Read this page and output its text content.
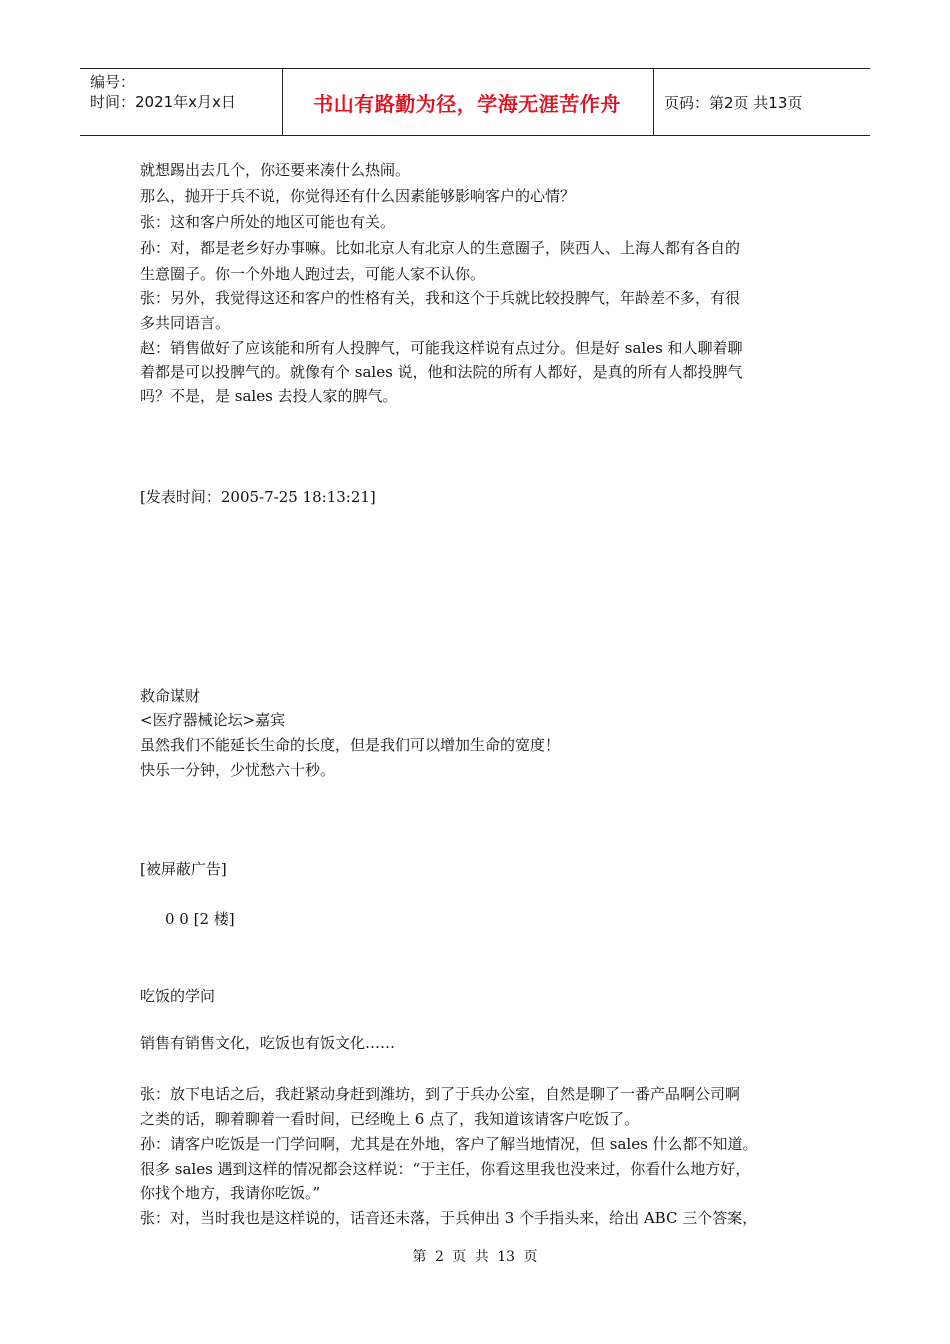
编号：
时间：2021年x月x日	书山有路勤为径，学海无涯苦作舟	页码：第2页 共13页
就想踢出去几个，你还要来凑什么热闹。
那么，抛开于兵不说，你觉得还有什么因素能够影响客户的心情？
张：这和客户所处的地区可能也有关。
孙：对，都是老乡好办事嘛。比如北京人有北京人的生意圈子，陕西人、上海人都有各自的
生意圈子。你一个外地人跑过去，可能人家不认你。
张：另外，我觉得这还和客户的性格有关，我和这个于兵就比较投脾气，年龄差不多，有很
多共同语言。
赵：销售做好了应该能和所有人投脾气，可能我这样说有点过分。但是好 sales 和人聊着聊
着都是可以投脾气的。就像有个 sales 说，他和法院的所有人都好，是真的所有人都投脾气
吗？不是，是 sales 去投人家的脾气。
[发表时间：2005-7-25 18:13:21]
救命谋财
<医疗器械论坛>嘉宾
虽然我们不能延长生命的长度，但是我们可以增加生命的宽度！
快乐一分钟，少忧愁六十秒。
[被屏蔽广告]
0 0 [2 楼]
吃饭的学问
销售有销售文化，吃饭也有饭文化……
张：放下电话之后，我赶紧动身赶到潍坊，到了于兵办公室，自然是聊了一番产品啊公司啊
之类的话，聊着聊着一看时间，已经晚上 6 点了，我知道该请客户吃饭了。
孙：请客户吃饭是一门学问啊，尤其是在外地，客户了解当地情况，但 sales 什么都不知道。
很多 sales 遇到这样的情况都会这样说：“于主任，你看这里我也没来过，你看什么地方好，
你找个地方，我请你吃饭。”
张：对，当时我也是这样说的，话音还未落，于兵伸出 3 个手指头来，给出 ABC 三个答案，
第 2 页 共 13 页
